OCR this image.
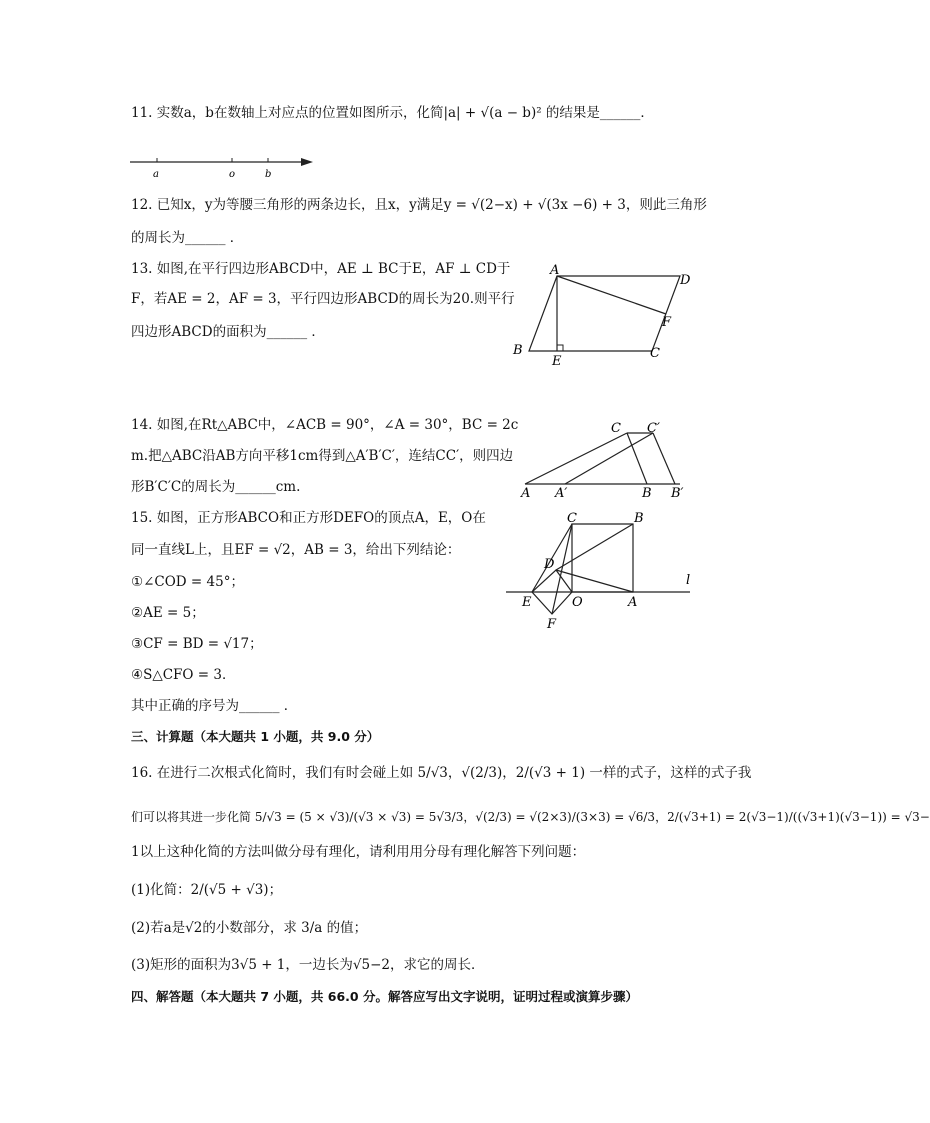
11. 实数a，b在数轴上对应点的位置如图所示，化简|a| + √(a − b)² 的结果是______．
a	o	b
12. 已知x，y为等腰三角形的两条边长，且x，y满足y = √(2−x) + √(3x −6) + 3，则此三角形
的周长为______ ．
13. 如图,在平行四边形ABCD中，AE ⊥ BC于E，AF ⊥ CD于
F，若AE = 2，AF = 3，平行四边形ABCD的周长为20.则平行
四边形ABCD的面积为______ ．
A
D
B	C
E
F
14. 如图,在Rt△ABC中，∠ACB = 90°，∠A = 30°，BC = 2c
m.把△ABC沿AB方向平移1cm得到△A′B′C′，连结CC′，则四边
形B′C′C的周长为______cm.
C C′
A A′	B B′
15. 如图，正方形ABCO和正方形DEFO的顶点A，E，O在
同一直线L上，且EF = √2，AB = 3，给出下列结论：
①∠COD = 45°；
②AE = 5；
③CF = BD = √17；
④S△CFO = 3．
其中正确的序号为______ ．
C	B
D
l
E	O	A
F
三、计算题（本大题共 1 小题，共 9.0 分）
16. 在进行二次根式化简时，我们有时会碰上如 5/√3，√(2/3)，2/(√3 + 1) 一样的式子，这样的式子我
们可以将其进一步化简 5/√3 = (5 × √3)/(√3 × √3) = 5√3/3，√(2/3) = √(2×3)/(3×3) = √6/3，2/(√3+1) = 2(√3−1)/((√3+1)(√3−1)) = √3−
1以上这种化简的方法叫做分母有理化，请利用用分母有理化解答下列问题：
(1)化简：2/(√5 + √3)；
(2)若a是√2的小数部分，求 3/a 的值；
(3)矩形的面积为3√5 + 1，一边长为√5−2，求它的周长．
四、解答题（本大题共 7 小题，共 66.0 分。解答应写出文字说明，证明过程或演算步骤）
